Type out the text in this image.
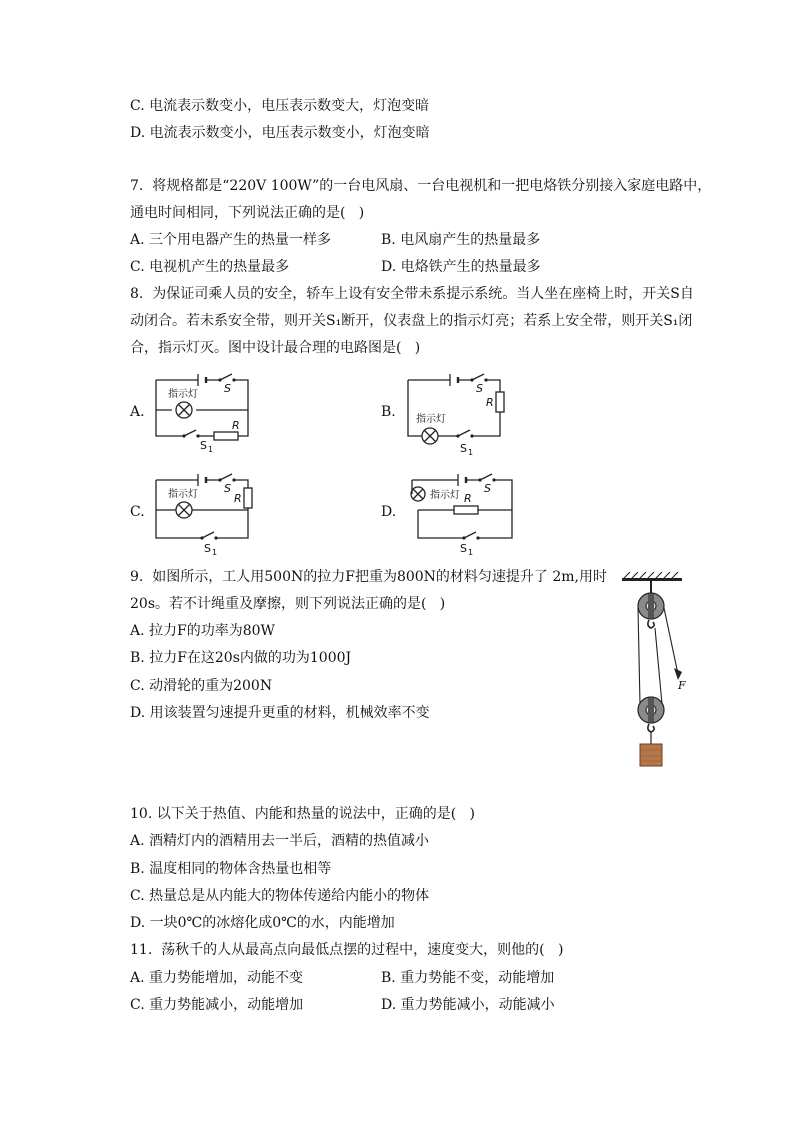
C. 电流表示数变小，电压表示数变大，灯泡变暗
D. 电流表示数变小，电压表示数变小，灯泡变暗
7.  将规格都是“220V 100W”的一台电风扇、一台电视机和一把电烙铁分别接入家庭电路中，
通电时间相同，下列说法正确的是(   )
A. 三个用电器产生的热量一样多	B. 电风扇产生的热量最多
C. 电视机产生的热量最多	D. 电烙铁产生的热量最多
8.  为保证司乘人员的安全，轿车上设有安全带未系提示系统。当人坐在座椅上时，开关S自
动闭合。若未系安全带，则开关S₁断开，仪表盘上的指示灯亮；若系上安全带，则开关S₁闭
合，指示灯灭。图中设计最合理的电路图是(   )
A.	B.
C.	D.
指示灯 S
R
S 1
指示灯
S
R
S 1
指示灯 S
R
S 1
指示灯
S
R
S 1
9.  如图所示，工人用500N的拉力F把重为800N的材料匀速提升了 2m,用时
20s。若不计绳重及摩擦，则下列说法正确的是(   )
A. 拉力F的功率为80W
B. 拉力F在这20s内做的功为1000J
C. 动滑轮的重为200N
D. 用该装置匀速提升更重的材料，机械效率不变
F
10. 以下关于热值、内能和热量的说法中，正确的是(   )
A. 酒精灯内的酒精用去一半后，酒精的热值减小
B. 温度相同的物体含热量也相等
C. 热量总是从内能大的物体传递给内能小的物体
D. 一块0℃的冰熔化成0℃的水，内能增加
11.  荡秋千的人从最高点向最低点摆的过程中，速度变大，则他的(   )
A. 重力势能增加，动能不变	B. 重力势能不变，动能增加
C. 重力势能减小，动能增加	D. 重力势能减小，动能减小
